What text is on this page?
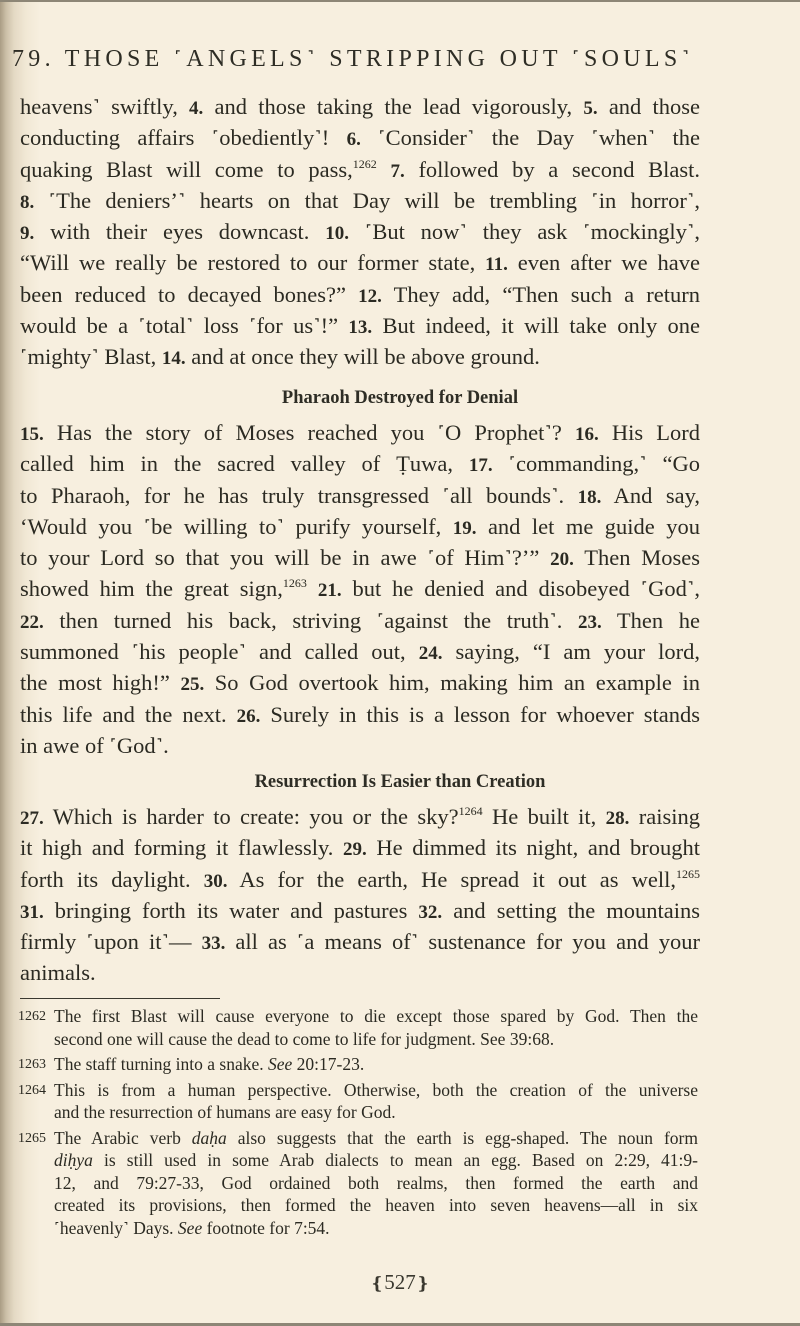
79. THOSE ˹ANGELS˺ STRIPPING OUT ˹SOULS˺
heavens˺ swiftly, 4. and those taking the lead vigorously, 5. and those
conducting affairs ˹obediently˺! 6. ˹Consider˺ the Day ˹when˺ the
quaking Blast will come to pass,$^{1262}$ 7. followed by a second Blast.
8. ˹The deniers’˺ hearts on that Day will be trembling ˹in horror˺,
9. with their eyes downcast. 10. ˹But now˺ they ask ˹mockingly˺,
“Will we really be restored to our former state, 11. even after we have
been reduced to decayed bones?” 12. They add, “Then such a return
would be a ˹total˺ loss ˹for us˺!” 13. But indeed, it will take only one
˹mighty˺ Blast, 14. and at once they will be above ground.
Pharaoh Destroyed for Denial
15. Has the story of Moses reached you ˹O Prophet˺? 16. His Lord
called him in the sacred valley of Ṭuwa, 17. ˹commanding,˺ “Go
to Pharaoh, for he has truly transgressed ˹all bounds˺. 18. And say,
‘Would you ˹be willing to˺ purify yourself, 19. and let me guide you
to your Lord so that you will be in awe ˹of Him˺?’” 20. Then Moses
showed him the great sign,$^{1263}$ 21. but he denied and disobeyed ˹God˺,
22. then turned his back, striving ˹against the truth˺. 23. Then he
summoned ˹his people˺ and called out, 24. saying, “I am your lord,
the most high!” 25. So God overtook him, making him an example in
this life and the next. 26. Surely in this is a lesson for whoever stands
in awe of ˹God˺.
Resurrection Is Easier than Creation
27. Which is harder to create: you or the sky?$^{1264}$ He built it, 28. raising
it high and forming it flawlessly. 29. He dimmed its night, and brought
forth its daylight. 30. As for the earth, He spread it out as well,$^{1265}$
31. bringing forth its water and pastures 32. and setting the mountains
firmly ˹upon it˺— 33. all as ˹a means of˺ sustenance for you and your
animals.
1262 The first Blast will cause everyone to die except those spared by God. Then the
second one will cause the dead to come to life for judgment. See 39:68.
1263 The staff turning into a snake. See 20:17-23.
1264 This is from a human perspective. Otherwise, both the creation of the universe
and the resurrection of humans are easy for God.
1265 The Arabic verb daḥa also suggests that the earth is egg-shaped. The noun form
diḥya is still used in some Arab dialects to mean an egg. Based on 2:29, 41:9-
12, and 79:27-33, God ordained both realms, then formed the earth and
created its provisions, then formed the heaven into seven heavens—all in six
˹heavenly˺ Days. See footnote for 7:54.
❴527❵
